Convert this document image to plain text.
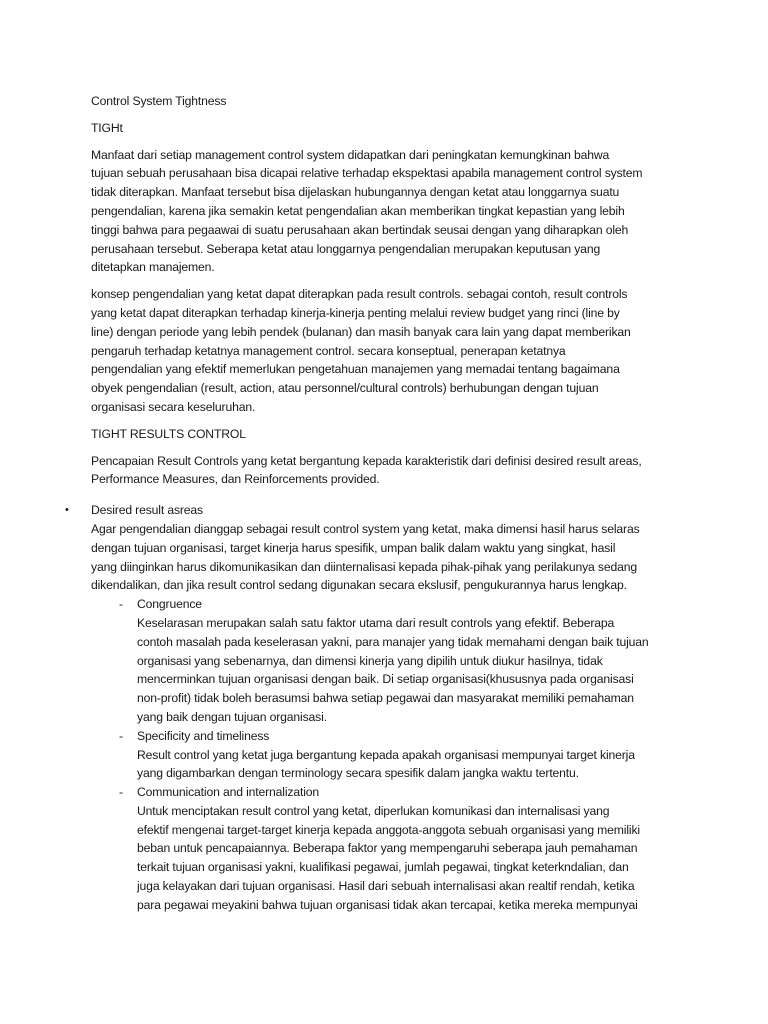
Control System Tightness

TIGHt

Manfaat dari setiap management control system didapatkan dari peningkatan kemungkinan bahwa
tujuan sebuah perusahaan bisa dicapai relative terhadap ekspektasi apabila management control system
tidak diterapkan. Manfaat tersebut bisa dijelaskan hubungannya dengan ketat atau longgarnya suatu
pengendalian, karena jika semakin ketat pengendalian akan memberikan tingkat kepastian yang lebih
tinggi bahwa para pegaawai di suatu perusahaan akan bertindak seusai dengan yang diharapkan oleh
perusahaan tersebut. Seberapa ketat atau longgarnya pengendalian merupakan keputusan yang
ditetapkan manajemen.

konsep pengendalian yang ketat dapat diterapkan pada result controls. sebagai contoh, result controls
yang ketat dapat diterapkan terhadap kinerja-kinerja penting melalui review budget yang rinci (line by
line) dengan periode yang lebih pendek (bulanan) dan masih banyak cara lain yang dapat memberikan
pengaruh terhadap ketatnya management control. secara konseptual, penerapan ketatnya
pengendalian yang efektif memerlukan pengetahuan manajemen yang memadai tentang bagaimana
obyek pengendalian (result, action, atau personnel/cultural controls) berhubungan dengan tujuan
organisasi secara keseluruhan.

TIGHT RESULTS CONTROL

Pencapaian Result Controls yang ketat bergantung kepada karakteristik dari definisi desired result areas,
Performance Measures, dan Reinforcements provided.

• Desired result asreas
Agar pengendalian dianggap sebagai result control system yang ketat, maka dimensi hasil harus selaras
dengan tujuan organisasi, target kinerja harus spesifik, umpan balik dalam waktu yang singkat, hasil
yang diinginkan harus dikomunikasikan dan diinternalisasi kepada pihak-pihak yang perilakunya sedang
dikendalikan, dan jika result control sedang digunakan secara ekslusif, pengukurannya harus lengkap.
- Congruence
Keselarasan merupakan salah satu faktor utama dari result controls yang efektif. Beberapa
contoh masalah pada keselerasan yakni, para manajer yang tidak memahami dengan baik tujuan
organisasi yang sebenarnya, dan dimensi kinerja yang dipilih untuk diukur hasilnya, tidak
mencerminkan tujuan organisasi dengan baik. Di setiap organisasi(khususnya pada organisasi
non-profit) tidak boleh berasumsi bahwa setiap pegawai dan masyarakat memiliki pemahaman
yang baik dengan tujuan organisasi.
- Specificity and timeliness
Result control yang ketat juga bergantung kepada apakah organisasi mempunyai target kinerja
yang digambarkan dengan terminology secara spesifik dalam jangka waktu tertentu.
- Communication and internalization
Untuk menciptakan result control yang ketat, diperlukan komunikasi dan internalisasi yang
efektif mengenai target-target kinerja kepada anggota-anggota sebuah organisasi yang memiliki
beban untuk pencapaiannya. Beberapa faktor yang mempengaruhi seberapa jauh pemahaman
terkait tujuan organisasi yakni, kualifikasi pegawai, jumlah pegawai, tingkat keterkndalian, dan
juga kelayakan dari tujuan organisasi. Hasil dari sebuah internalisasi akan realtif rendah, ketika
para pegawai meyakini bahwa tujuan organisasi tidak akan tercapai, ketika mereka mempunyai
